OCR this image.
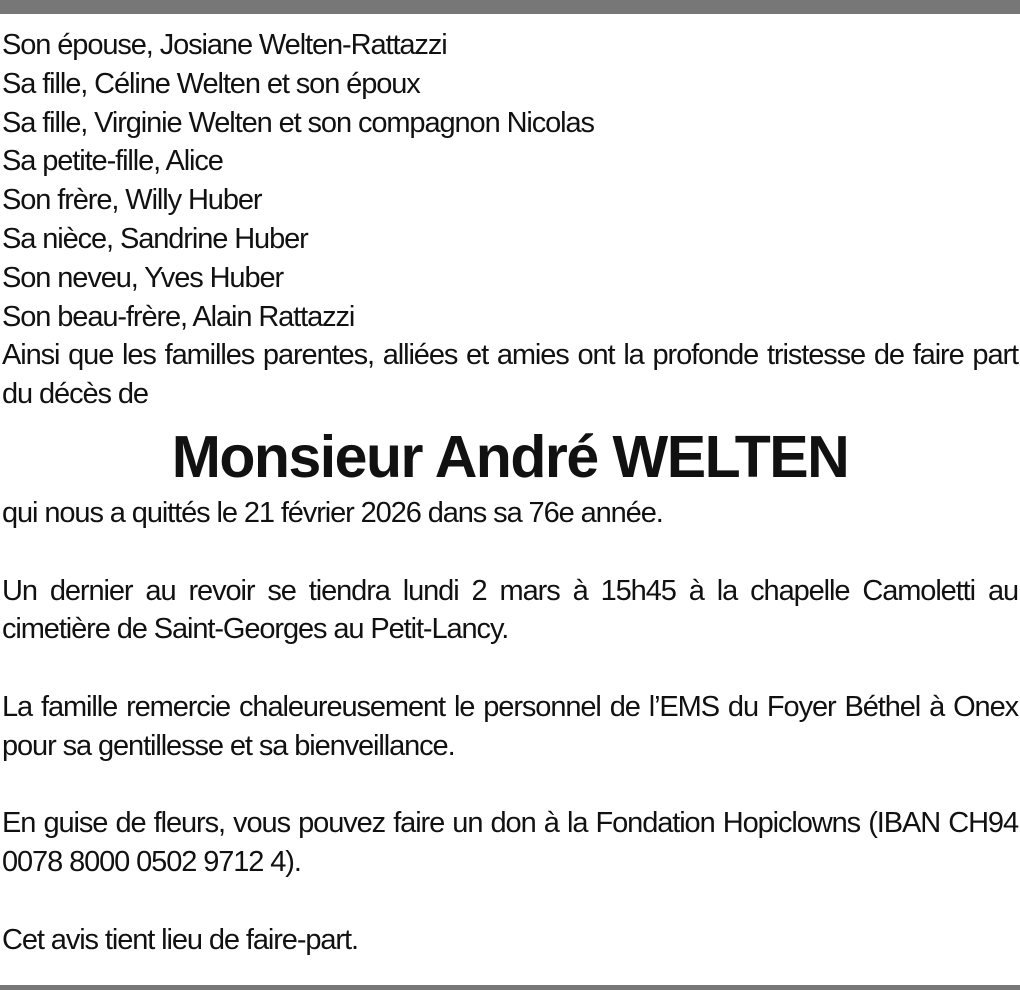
Son épouse, Josiane Welten-Rattazzi

Sa fille, Céline Welten et son époux

Sa fille, Virginie Welten et son compagnon Nicolas

Sa petite-fille, Alice

Son frère, Willy Huber

Sa nièce, Sandrine Huber

Son neveu, Yves Huber

Son beau-frère, Alain Rattazzi

Ainsi que les familles parentes, alliées et amies ont la profonde tristesse de faire part du décès de

Monsieur André WELTEN

qui nous a quittés le 21 février 2026 dans sa 76e année.

Un dernier au revoir se tiendra lundi 2 mars à 15h45 à la chapelle Camoletti au cimetière de Saint-Georges au Petit-Lancy.

La famille remercie chaleureusement le personnel de l’EMS du Foyer Béthel à Onex pour sa gentillesse et sa bienveillance.

En guise de fleurs, vous pouvez faire un don à la Fondation Hopiclowns (IBAN CH94 0078 8000 0502 9712 4).

Cet avis tient lieu de faire-part.
